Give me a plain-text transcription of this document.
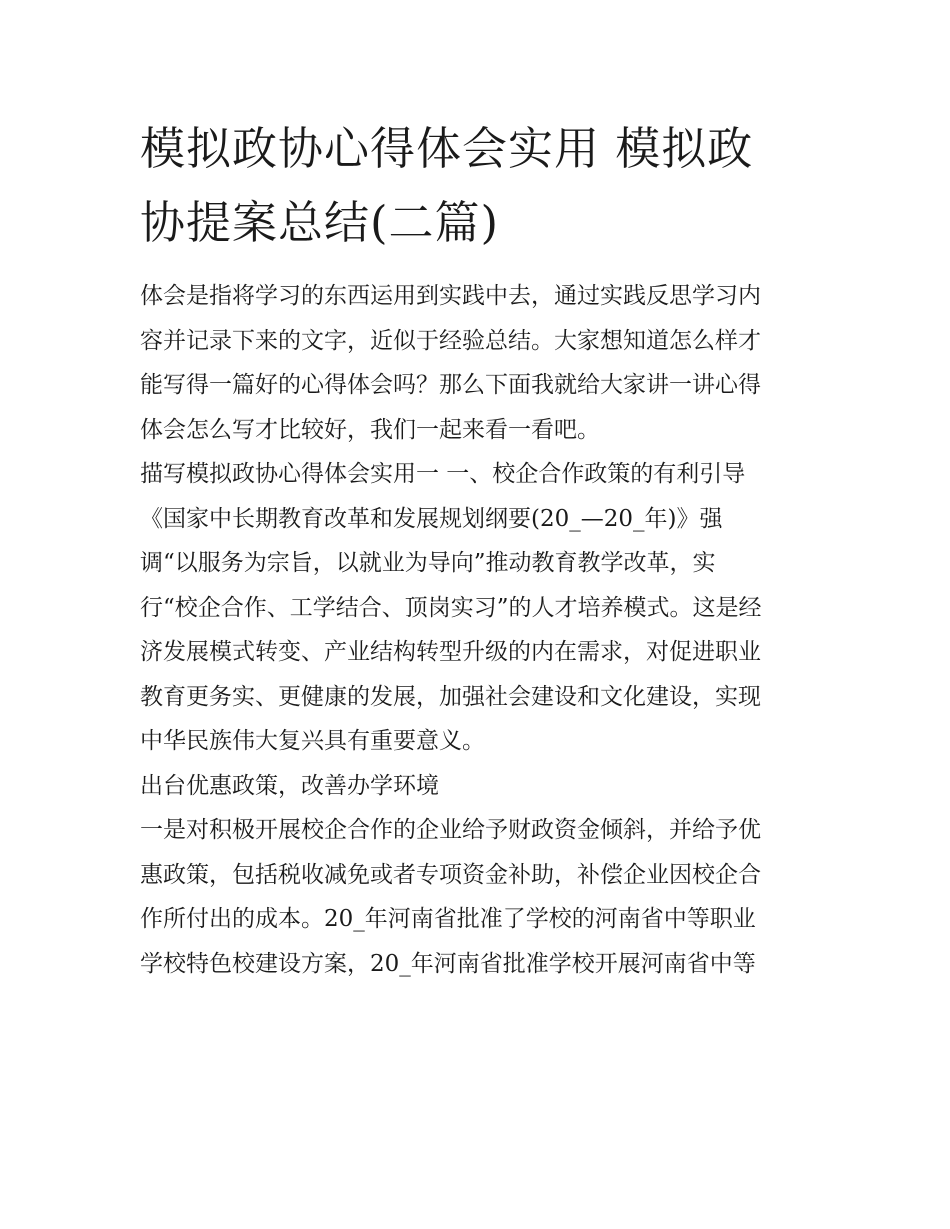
模拟政协心得体会实用 模拟政
协提案总结(二篇)

体会是指将学习的东西运用到实践中去，通过实践反思学习内
容并记录下来的文字，近似于经验总结。大家想知道怎么样才
能写得一篇好的心得体会吗？那么下面我就给大家讲一讲心得
体会怎么写才比较好，我们一起来看一看吧。

描写模拟政协心得体会实用一 一、校企合作政策的有利引导
《国家中长期教育改革和发展规划纲要(20_—20_年)》强
调“以服务为宗旨，以就业为导向”推动教育教学改革，实
行“校企合作、工学结合、顶岗实习”的人才培养模式。这是经
济发展模式转变、产业结构转型升级的内在需求，对促进职业
教育更务实、更健康的发展，加强社会建设和文化建设，实现
中华民族伟大复兴具有重要意义。

出台优惠政策，改善办学环境

一是对积极开展校企合作的企业给予财政资金倾斜，并给予优
惠政策，包括税收减免或者专项资金补助，补偿企业因校企合
作所付出的成本。20_年河南省批准了学校的河南省中等职业
学校特色校建设方案，20_年河南省批准学校开展河南省中等
